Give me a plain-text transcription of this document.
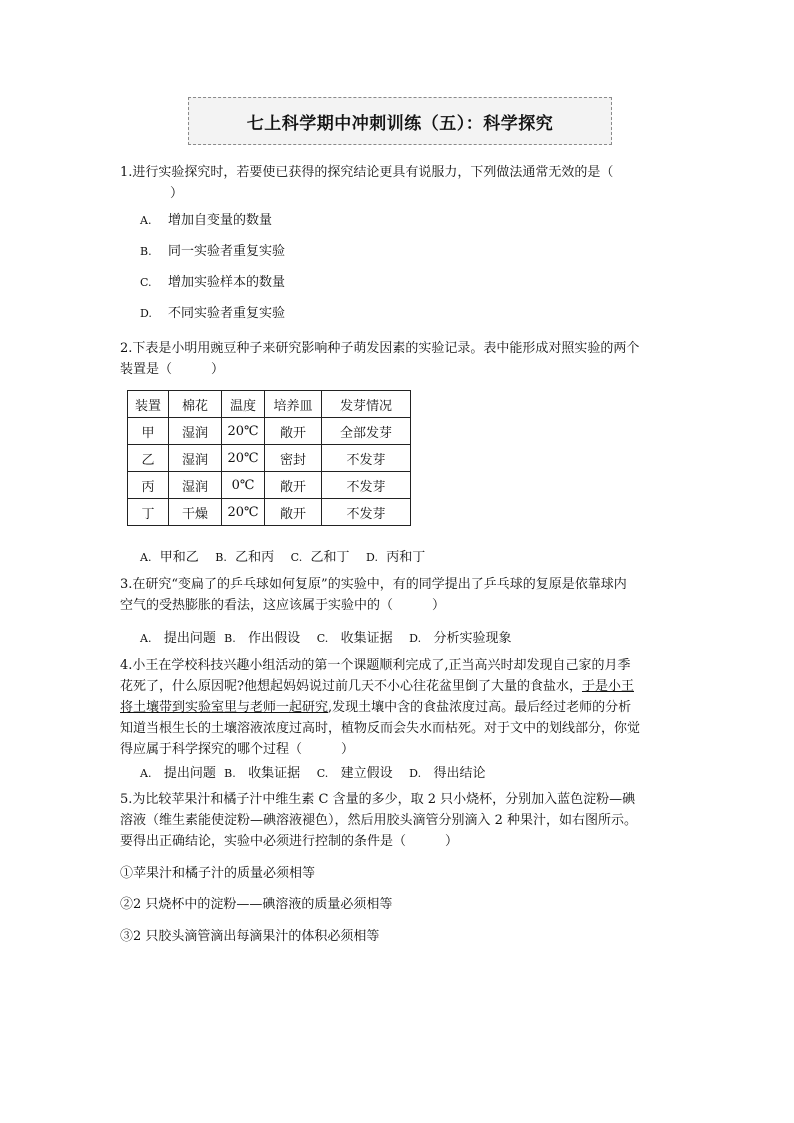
七上科学期中冲刺训练（五）：科学探究
1.进行实验探究时，若要使已获得的探究结论更具有说服力，下列做法通常无效的是（
）
A. 增加自变量的数量
B. 同一实验者重复实验
C. 增加实验样本的数量
D. 不同实验者重复实验
2.下表是小明用豌豆种子来研究影响种子萌发因素的实验记录。表中能形成对照实验的两个
装置是（　　　）
装置	棉花	温度	培养皿	发芽情况
甲	湿润	20℃	敞开	全部发芽
乙	湿润	20℃	密封	不发芽
丙	湿润	0℃	敞开	不发芽
丁	干燥	20℃	敞开	不发芽
A. 甲和乙 B. 乙和丙 C. 乙和丁 D. 丙和丁
3.在研究“变扁了的乒乓球如何复原”的实验中，有的同学提出了乒乓球的复原是依靠球内
空气的受热膨胀的看法，这应该属于实验中的（　　　）
A. 提出问题 B. 作出假设 C. 收集证据 D. 分析实验现象
4.小王在学校科技兴趣小组活动的第一个课题顺利完成了,正当高兴时却发现自己家的月季
花死了，什么原因呢?他想起妈妈说过前几天不小心往花盆里倒了大量的食盐水，于是小王
将土壤带到实验室里与老师一起研究,发现土壤中含的食盐浓度过高。最后经过老师的分析
知道当根生长的土壤溶液浓度过高时，植物反而会失水而枯死。对于文中的划线部分，你觉
得应属于科学探究的哪个过程（　　　）
A. 提出问题 B. 收集证据 C. 建立假设 D. 得出结论
5.为比较苹果汁和橘子汁中维生素 C 含量的多少，取 2 只小烧杯，分别加入蓝色淀粉—碘
溶液（维生素能使淀粉—碘溶液褪色），然后用胶头滴管分别滴入 2 种果汁，如右图所示。
要得出正确结论，实验中必须进行控制的条件是（　　　）
①苹果汁和橘子汁的质量必须相等
②2 只烧杯中的淀粉——碘溶液的质量必须相等
③2 只胶头滴管滴出每滴果汁的体积必须相等
